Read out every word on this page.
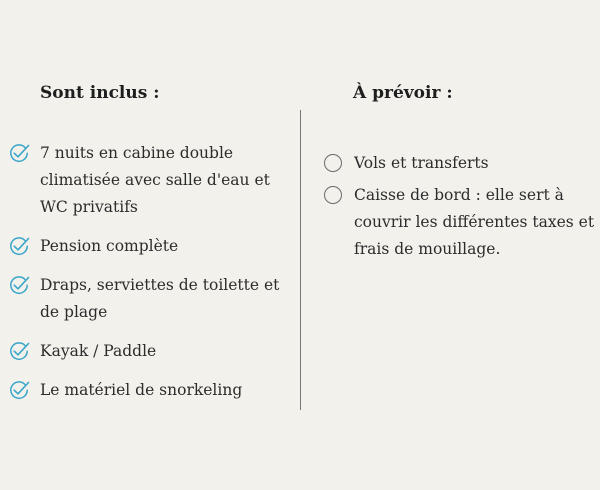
Sont inclus :	À prévoir :
7 nuits en cabine double climatisée avec salle d'eau et WC privatifs
Pension complète
Draps, serviettes de toilette et de plage
Kayak / Paddle
Le matériel de snorkeling
Vols et transferts
Caisse de bord : elle sert à couvrir les différentes taxes et frais de mouillage.
